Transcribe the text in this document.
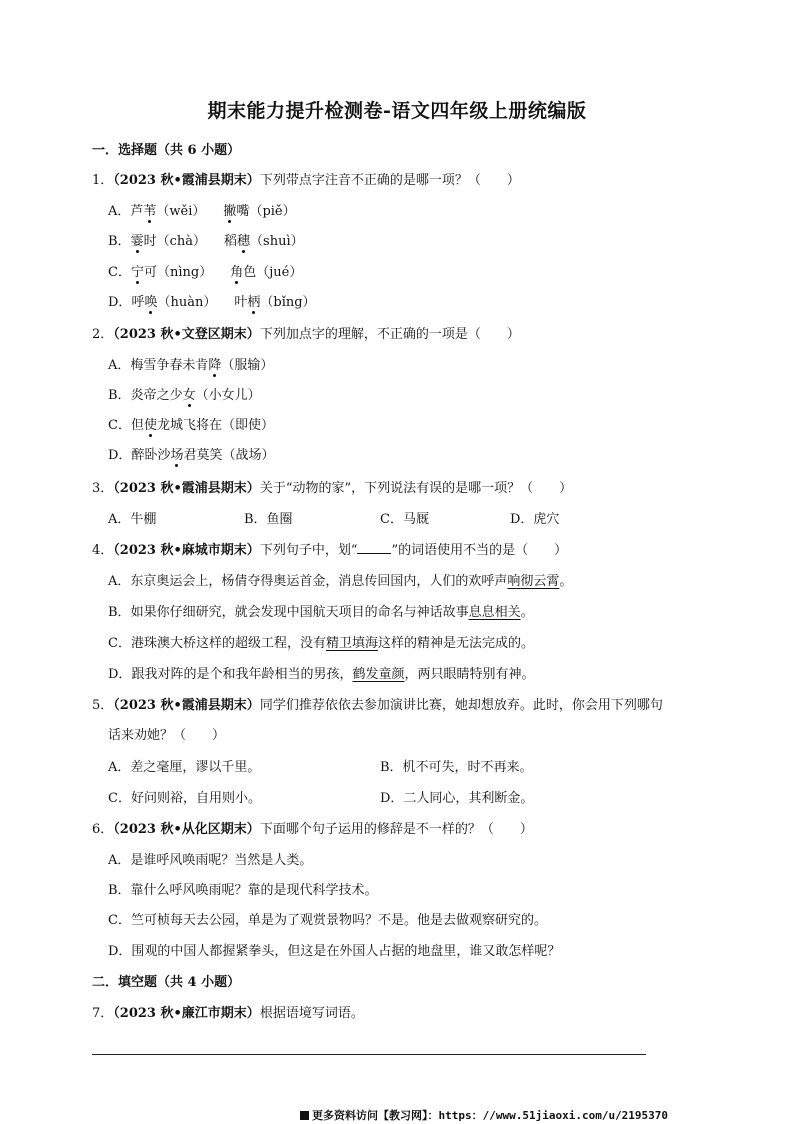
期末能力提升检测卷-语文四年级上册统编版
一．选择题（共 6 小题）
1．（2023 秋•霞浦县期末）下列带点字注音不正确的是哪一项？（　　）
A．芦苇（wěi） 撇嘴（piě）
B．霎时（chà） 稻穗（shuì）
C．宁可（nìng） 角色（jué）
D．呼唤（huàn） 叶柄（bǐng）
2．（2023 秋•文登区期末）下列加点字的理解，不正确的一项是（　　）
A．梅雪争春未肯降（服输）
B．炎帝之少女（小女儿）
C．但使龙城飞将在（即使）
D．醉卧沙场君莫笑（战场）
3．（2023 秋•霞浦县期末）关于“动物的家”，下列说法有误的是哪一项？（　　）
A．牛棚	B．鱼圈	C．马厩	D．虎穴
4．（2023 秋•麻城市期末）下列句子中，划“	”的词语使用不当的是（　　）
A．东京奥运会上，杨倩夺得奥运首金，消息传回国内，人们的欢呼声响彻云霄。
B．如果你仔细研究，就会发现中国航天项目的命名与神话故事息息相关。
C．港珠澳大桥这样的超级工程，没有精卫填海这样的精神是无法完成的。
D．跟我对阵的是个和我年龄相当的男孩，鹤发童颜，两只眼睛特别有神。
5．（2023 秋•霞浦县期末）同学们推荐依依去参加演讲比赛，她却想放弃。此时，你会用下列哪句
话来劝她？（　　）
A．差之毫厘，谬以千里。	B．机不可失，时不再来。
C．好问则裕，自用则小。	D．二人同心，其利断金。
6．（2023 秋•从化区期末）下面哪个句子运用的修辞是不一样的？（　　）
A．是谁呼风唤雨呢？当然是人类。
B．靠什么呼风唤雨呢？靠的是现代科学技术。
C．竺可桢每天去公园，单是为了观赏景物吗？不是。他是去做观察研究的。
D．围观的中国人都握紧拳头，但这是在外国人占据的地盘里，谁又敢怎样呢？
二．填空题（共 4 小题）
7．（2023 秋•廉江市期末）根据语境写词语。
更多资料访问【教习网】：https：//www.51jiaoxi.com/u/2195370
